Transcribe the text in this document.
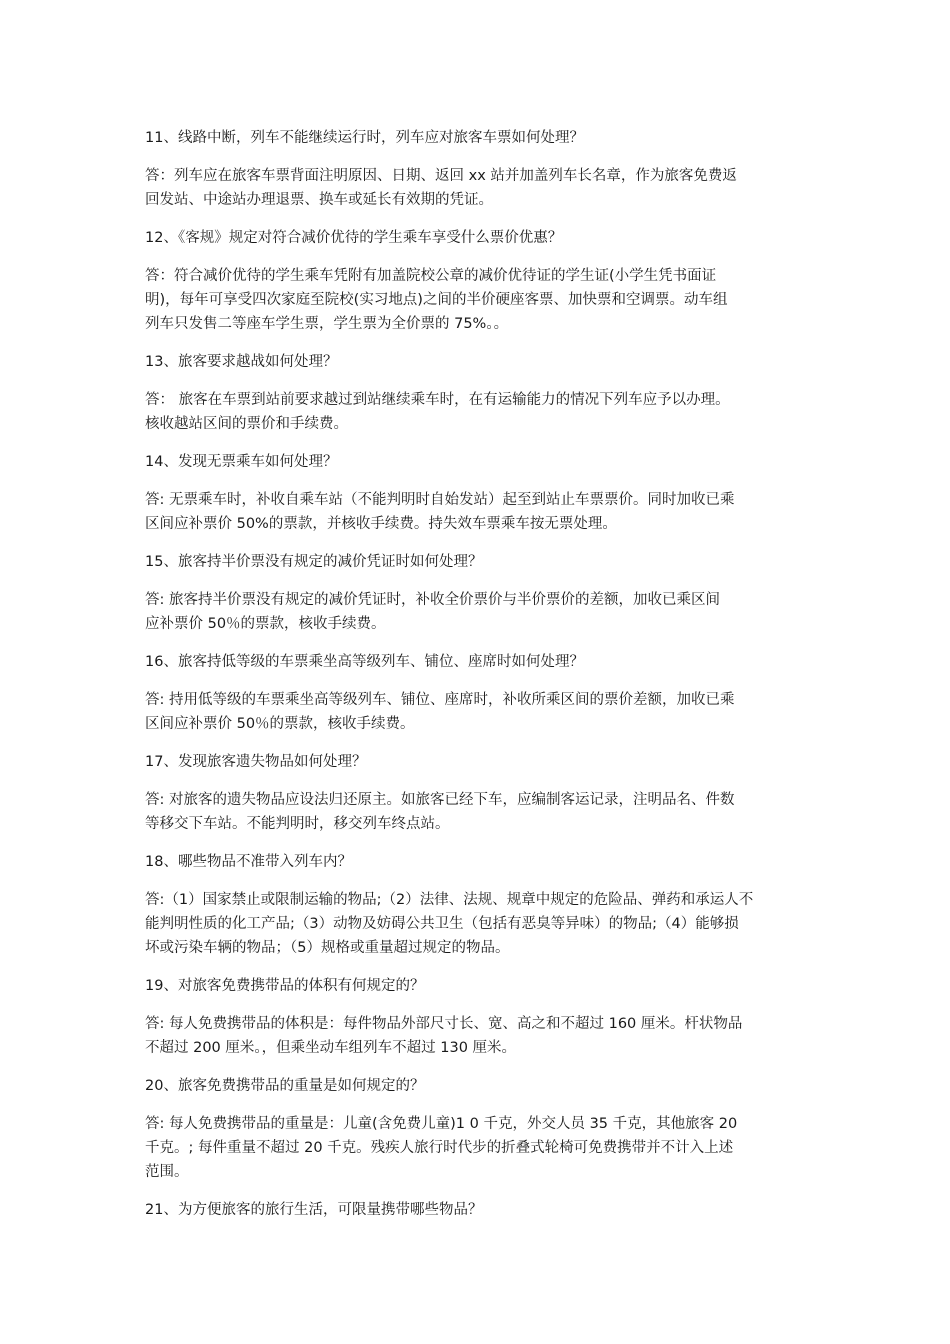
11、线路中断，列车不能继续运行时，列车应对旅客车票如何处理？

答：列车应在旅客车票背面注明原因、日期、返回 xx 站并加盖列车长名章，作为旅客免费返
回发站、中途站办理退票、换车或延长有效期的凭证。

12、《客规》规定对符合减价优待的学生乘车享受什么票价优惠？

答：符合减价优待的学生乘车凭附有加盖院校公章的减价优待证的学生证(小学生凭书面证
明)，每年可享受四次家庭至院校(实习地点)之间的半价硬座客票、加快票和空调票。动车组
列车只发售二等座车学生票，学生票为全价票的 75%。。

13、旅客要求越战如何处理？

答： 旅客在车票到站前要求越过到站继续乘车时，在有运输能力的情况下列车应予以办理。
核收越站区间的票价和手续费。

14、发现无票乘车如何处理？

答: 无票乘车时，补收自乘车站（不能判明时自始发站）起至到站止车票票价。同时加收已乘
区间应补票价 50%的票款，并核收手续费。持失效车票乘车按无票处理。

15、旅客持半价票没有规定的减价凭证时如何处理？

答: 旅客持半价票没有规定的减价凭证时，补收全价票价与半价票价的差额，加收已乘区间
应补票价 50％的票款，核收手续费。

16、旅客持低等级的车票乘坐高等级列车、铺位、座席时如何处理？

答: 持用低等级的车票乘坐高等级列车、铺位、座席时，补收所乘区间的票价差额，加收已乘
区间应补票价 50％的票款，核收手续费。

17、发现旅客遗失物品如何处理？

答: 对旅客的遗失物品应设法归还原主。如旅客已经下车，应编制客运记录，注明品名、件数
等移交下车站。不能判明时，移交列车终点站。

18、哪些物品不准带入列车内？

答:（1）国家禁止或限制运输的物品;（2）法律、法规、规章中规定的危险品、弹药和承运人不
能判明性质的化工产品;（3）动物及妨碍公共卫生（包括有恶臭等异味）的物品;（4）能够损
坏或污染车辆的物品；（5）规格或重量超过规定的物品。

19、对旅客免费携带品的体积有何规定的？

答: 每人免费携带品的体积是：每件物品外部尺寸长、宽、高之和不超过 160 厘米。杆状物品
不超过 200 厘米。，但乘坐动车组列车不超过 130 厘米。

20、旅客免费携带品的重量是如何规定的？

答: 每人免费携带品的重量是：儿童(含免费儿童)1 0 千克，外交人员 35 千克，其他旅客 20
千克。; 每件重量不超过 20 千克。残疾人旅行时代步的折叠式轮椅可免费携带并不计入上述
范围。

21、为方便旅客的旅行生活，可限量携带哪些物品？
